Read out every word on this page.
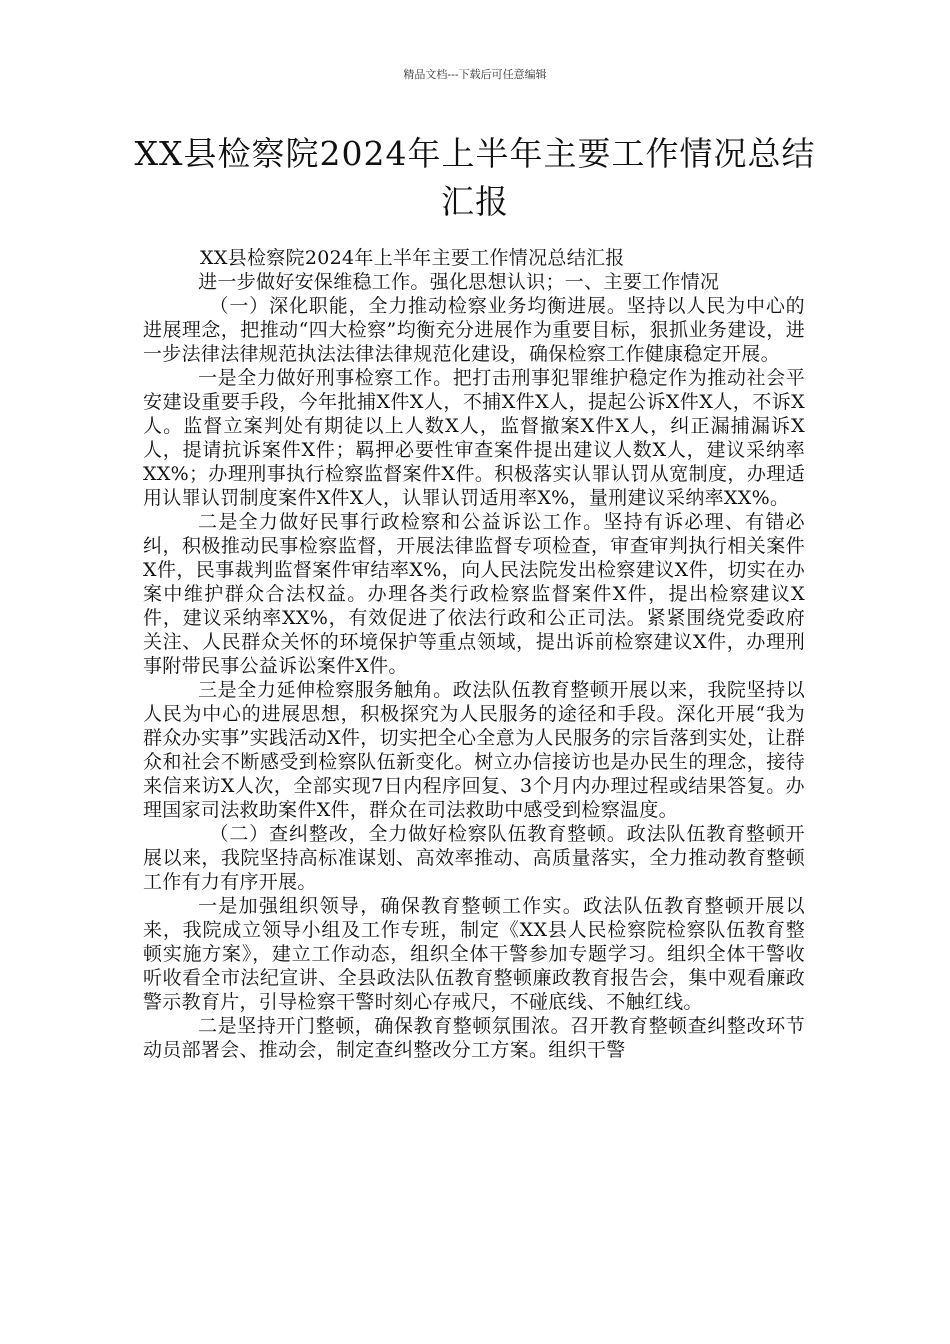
精品文档---下载后可任意编辑
XX县检察院2024年上半年主要工作情况总结汇报

XX县检察院2024年上半年主要工作情况总结汇报

进一步做好安保维稳工作。强化思想认识；一、主要工作情况

（一）深化职能，全力推动检察业务均衡进展。坚持以人民为中心的进展理念，把推动“四大检察”均衡充分进展作为重要目标，狠抓业务建设，进一步法律法律规范执法法律法律规范化建设，确保检察工作健康稳定开展。

一是全力做好刑事检察工作。把打击刑事犯罪维护稳定作为推动社会平安建设重要手段，今年批捕X件X人，不捕X件X人，提起公诉X件X人，不诉X人。监督立案判处有期徒以上人数X人，监督撤案X件X人，纠正漏捕漏诉X人，提请抗诉案件X件；羁押必要性审查案件提出建议人数X人，建议采纳率XX%；办理刑事执行检察监督案件X件。积极落实认罪认罚从宽制度，办理适用认罪认罚制度案件X件X人，认罪认罚适用率X%，量刑建议采纳率XX%。

二是全力做好民事行政检察和公益诉讼工作。坚持有诉必理、有错必纠，积极推动民事检察监督，开展法律监督专项检查，审查审判执行相关案件X件，民事裁判监督案件审结率X%，向人民法院发出检察建议X件，切实在办案中维护群众合法权益。办理各类行政检察监督案件X件，提出检察建议X件，建议采纳率XX%，有效促进了依法行政和公正司法。紧紧围绕党委政府关注、人民群众关怀的环境保护等重点领域，提出诉前检察建议X件，办理刑事附带民事公益诉讼案件X件。

三是全力延伸检察服务触角。政法队伍教育整顿开展以来，我院坚持以人民为中心的进展思想，积极探究为人民服务的途径和手段。深化开展“我为群众办实事”实践活动X件，切实把全心全意为人民服务的宗旨落到实处，让群众和社会不断感受到检察队伍新变化。树立办信接访也是办民生的理念，接待来信来访X人次，全部实现7日内程序回复、3个月内办理过程或结果答复。办理国家司法救助案件X件，群众在司法救助中感受到检察温度。

（二）查纠整改，全力做好检察队伍教育整顿。政法队伍教育整顿开展以来，我院坚持高标准谋划、高效率推动、高质量落实，全力推动教育整顿工作有力有序开展。

一是加强组织领导，确保教育整顿工作实。政法队伍教育整顿开展以来，我院成立领导小组及工作专班，制定《XX县人民检察院检察队伍教育整顿实施方案》，建立工作动态，组织全体干警参加专题学习。组织全体干警收听收看全市法纪宣讲、全县政法队伍教育整顿廉政教育报告会，集中观看廉政警示教育片，引导检察干警时刻心存戒尺，不碰底线、不触红线。

二是坚持开门整顿，确保教育整顿氛围浓。召开教育整顿查纠整改环节动员部署会、推动会，制定查纠整改分工方案。组织干警
